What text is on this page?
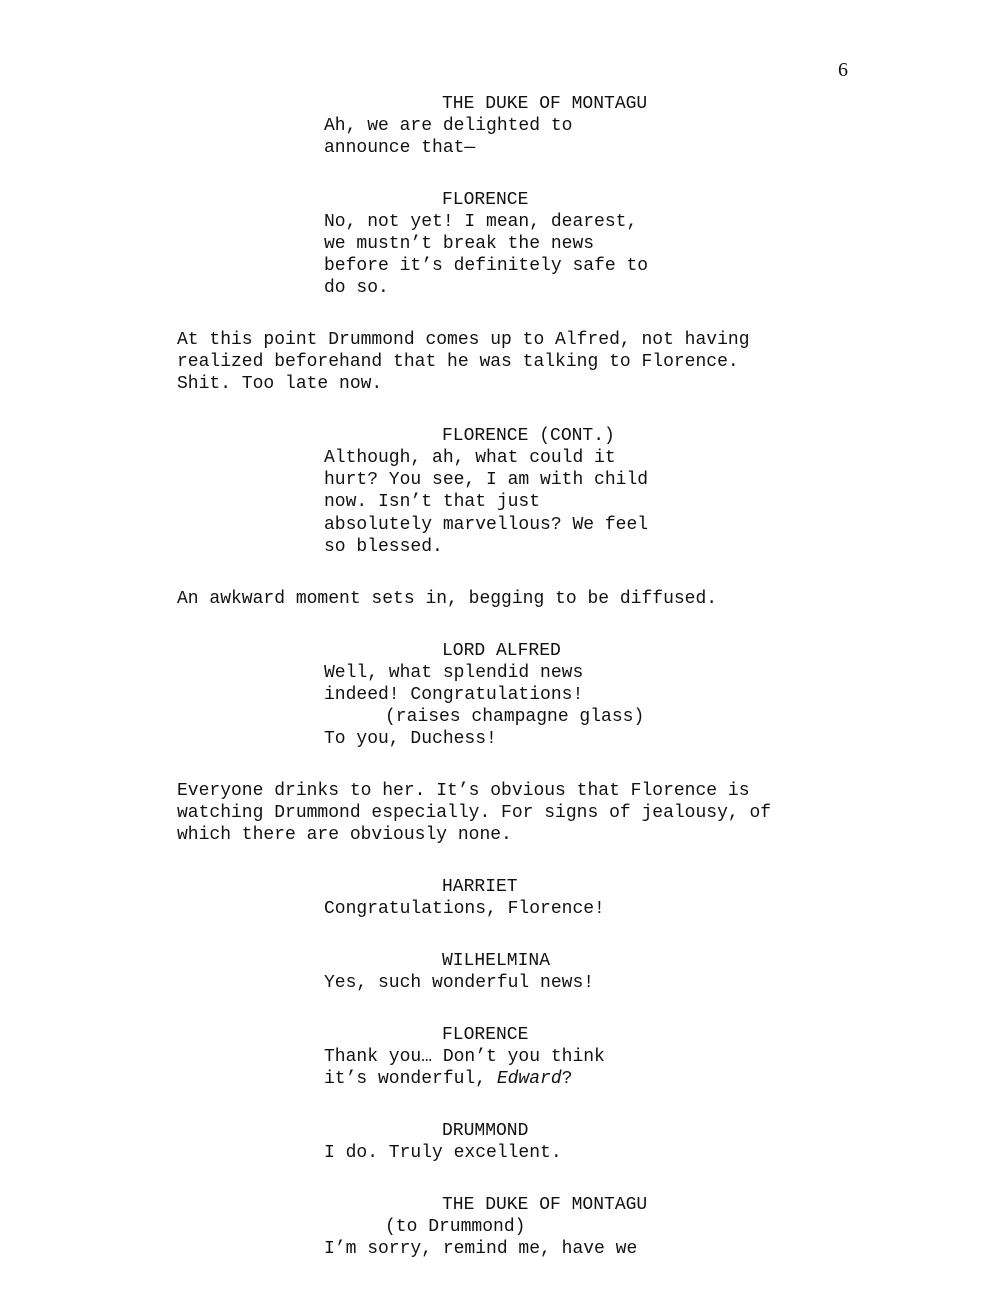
6
THE DUKE OF MONTAGU
Ah, we are delighted to
announce that—
FLORENCE
No, not yet! I mean, dearest,
we mustn’t break the news
before it’s definitely safe to
do so.
At this point Drummond comes up to Alfred, not having
realized beforehand that he was talking to Florence.
Shit. Too late now.
FLORENCE (CONT.)
Although, ah, what could it
hurt? You see, I am with child
now. Isn’t that just
absolutely marvellous? We feel
so blessed.
An awkward moment sets in, begging to be diffused.
LORD ALFRED
Well, what splendid news
indeed! Congratulations!
(raises champagne glass)
To you, Duchess!
Everyone drinks to her. It’s obvious that Florence is
watching Drummond especially. For signs of jealousy, of
which there are obviously none.
HARRIET
Congratulations, Florence!
WILHELMINA
Yes, such wonderful news!
FLORENCE
Thank you… Don’t you think
it’s wonderful, Edward?
DRUMMOND
I do. Truly excellent.
THE DUKE OF MONTAGU
(to Drummond)
I’m sorry, remind me, have we
